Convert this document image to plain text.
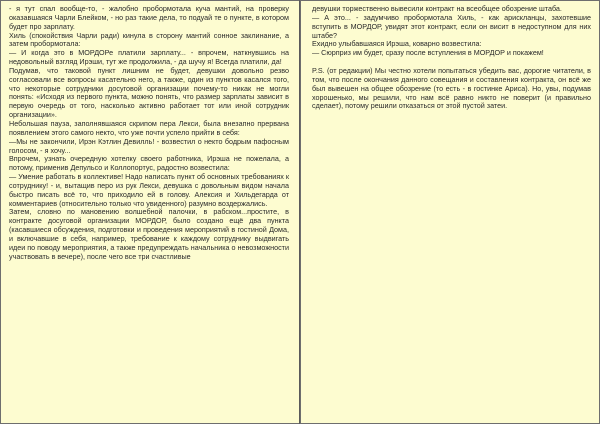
- я тут спал вообще-то, - жалобно пробормотала куча мантий, на проверку оказавшаяся Чарли Блейком, - но раз такие дела, то подуай те о пункте, в котором будет про зарплату.

Хиль (спокойствия Чарли ради) кинула в сторону мантий сонное заклинание, а затем пробормотала:

— И когда это в МОРДОРе платили зарплату... - впрочем, наткнувшись на недовольный взгляд Ирэши, тут же продолжила, - да шучу я! Всегда платили, да!

Подумав, что таковой пункт лишним не будет, девушки довольно резво согласовали все вопросы касательно него, а также, один из пунктов касался того, что некоторые сотрудники досуговой организации почему-то никак не могли понять: «Исходя из первого пункта, можно понять, что размер зарплаты зависит в первую очередь от того, насколько активно работает тот или иной сотрудник организации».

Небольшая пауза, заполнявшаяся скрипом пера Лекси, была внезапно прервана появлением этого самого некто, что уже почти успело прийти в себя:

—Мы не закончили, Ирэн Кэтлин Девилль! - возвестил о некто бодрым пафосным голосом, - я хочу...

Впрочем, узнать очередную хотелку своего работника, Ирэша не пожелала, а потому, применив Депульсо и Коллопортус, радостно возвестила:

— Умение работать в коллективе! Надо написать пункт об основных требованиях к сотруднику! - и, вытащив перо из рук Лекси, девушка с довольным видом начала быстро писать всё то, что приходило ей в голову. Алексия и Хильдегарда от комментариев (относительно только что увиденного) разумно воздержались.

Затем, словно по мановению волшебной палочки, в рабском...простите, в контракте досуговой организации МОРДОР, было создано ещё два пункта (касавшиеся обсуждения, подготовки и проведения мероприятий в гостиной Дома, и включавшие в себя, например, требование к каждому сотруднику выдвигать идеи по поводу мероприятия, а также предупреждать начальника о невозможности участвовать в вечере), после чего все три счастливые

девушки торжественно вывесили контракт на всеобщее обозрение штаба.

— А это... - задумчиво пробормотала Хиль, - как арискланцы, захотевшие вступить в МОРДОР, увидят этот контракт, если он висит в недоступном для них штабе?

Ехидно улыбавшаяся Ирэша, коварно возвестила:

— Сюрприз им будет, сразу после вступления в МОРДОР и покажем!

P.S. (от редакции) Мы честно хотели попытаться убедить вас, дорогие читатели, в том, что после окончания данного совещания и составления контракта, он всё же был вывешен на общее обозрение (то есть - в гостинке Ариса). Но, увы, подумав хорошенько, мы решили, что нам всё равно никто не поверит (и правильно сделает), потому решили отказаться от этой пустой затеи.
